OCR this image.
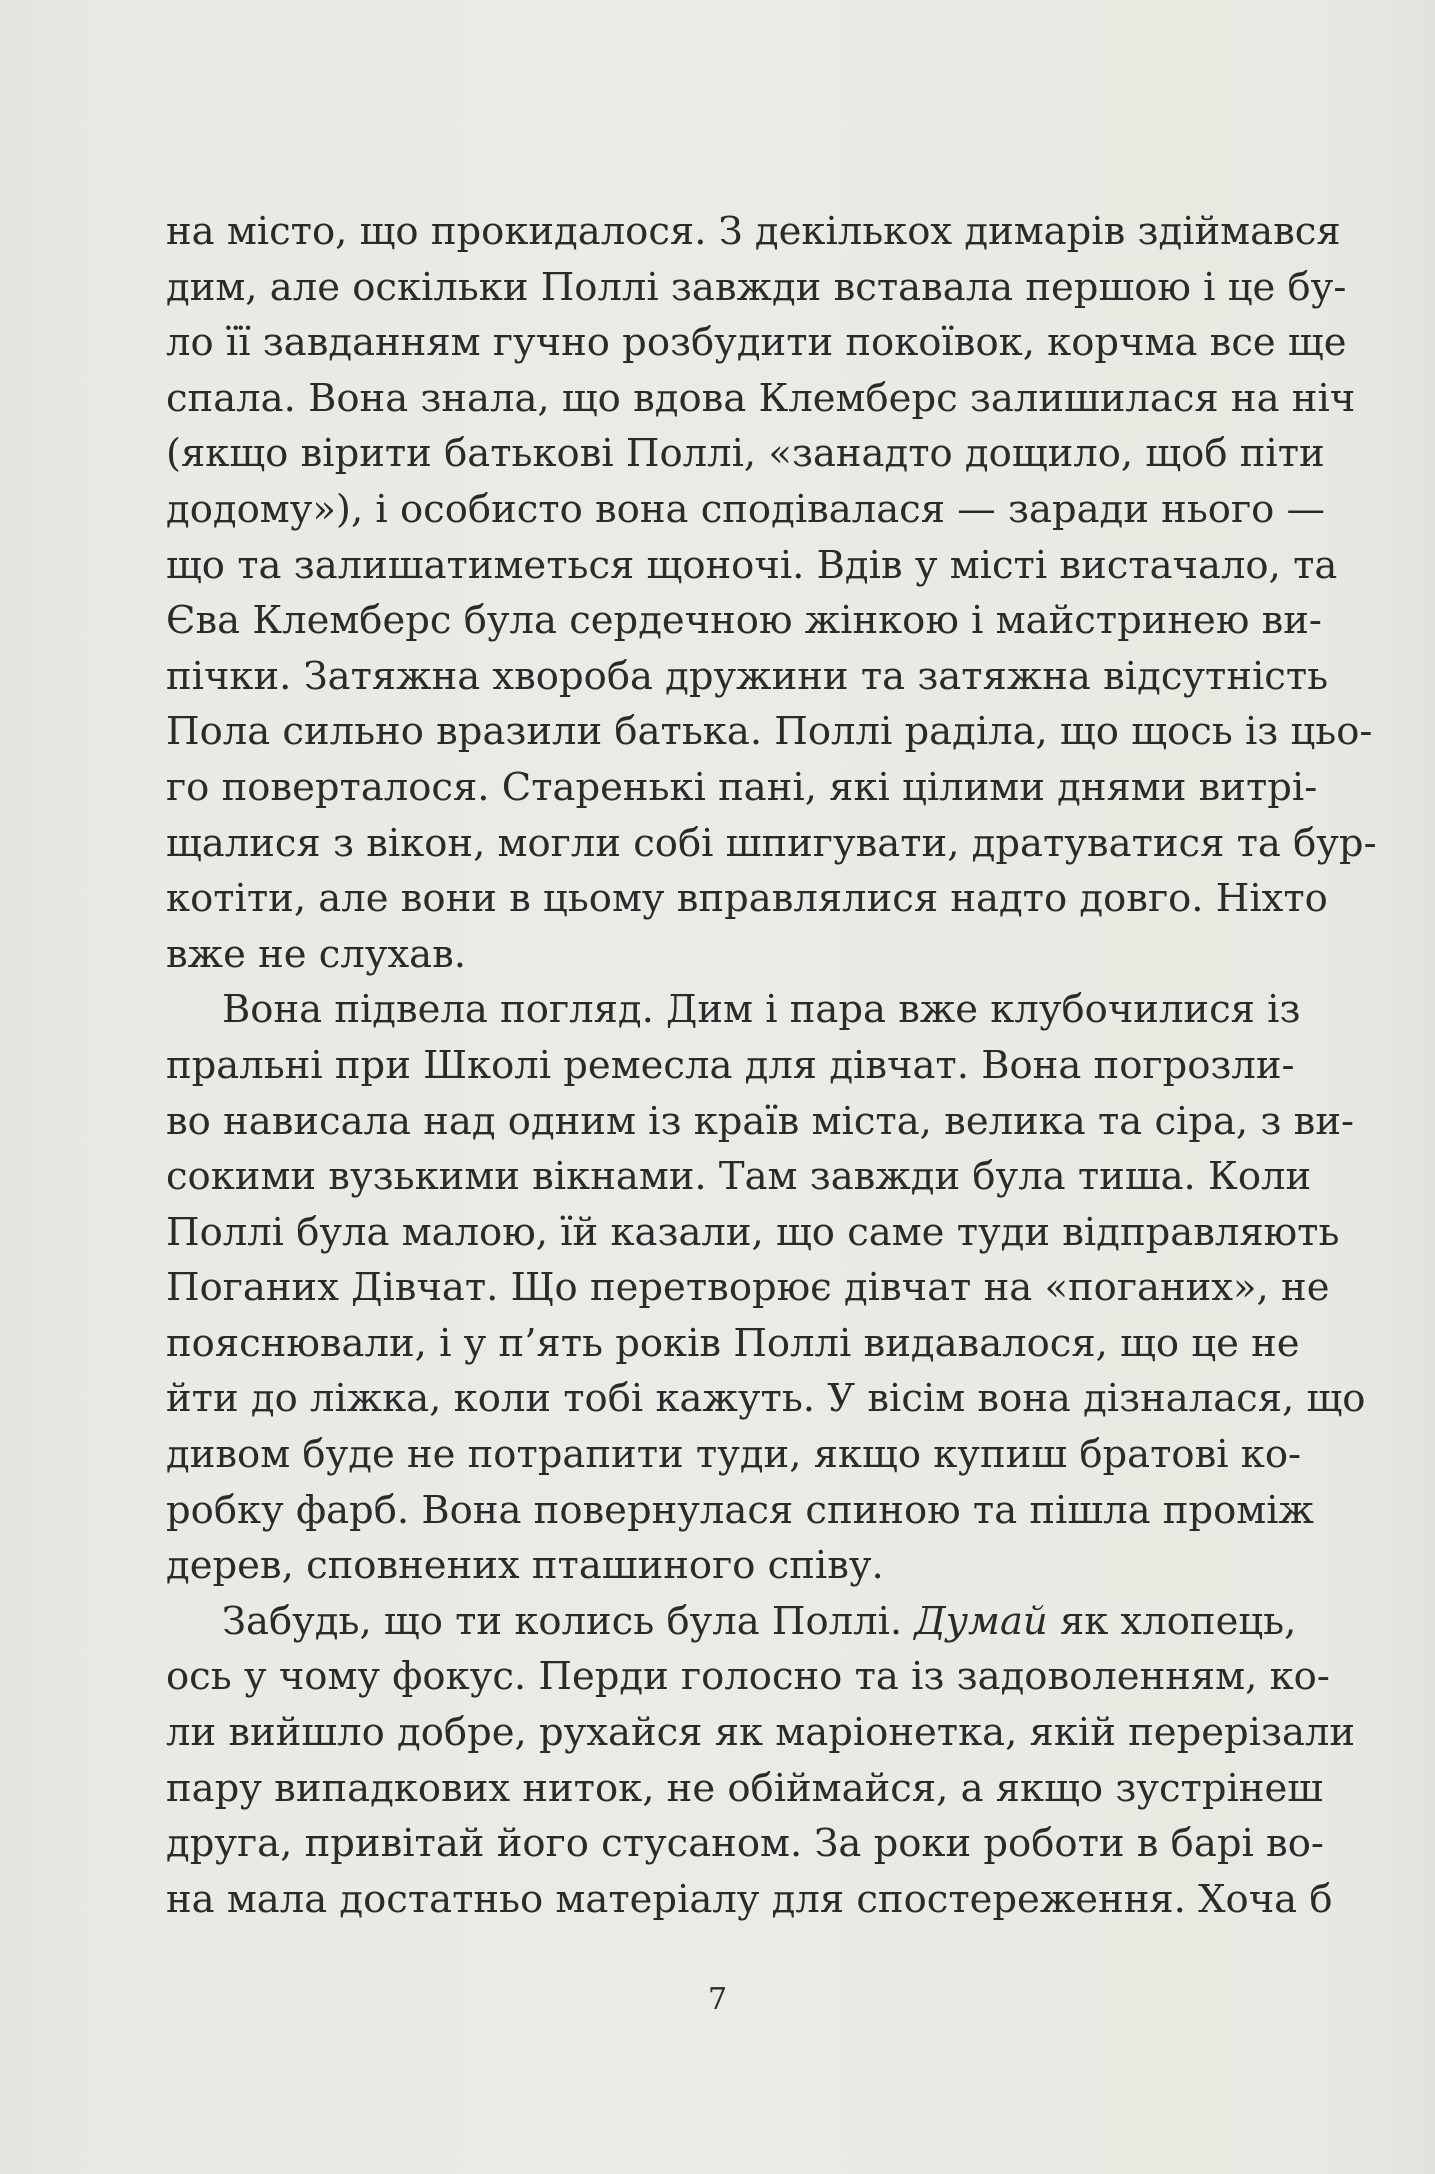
на місто, що прокидалося. З декількох димарів здіймався
дим, але оскільки Поллі завжди вставала першою і це бу-
ло її завданням гучно розбудити покоївок, корчма все ще
спала. Вона знала, що вдова Клемберс залишилася на ніч
(якщо вірити батькові Поллі, «занадто дощило, щоб піти
додому»), і особисто вона сподівалася — заради нього —
що та залишатиметься щоночі. Вдів у місті вистачало, та
Єва Клемберс була сердечною жінкою і майстринею ви-
пічки. Затяжна хвороба дружини та затяжна відсутність
Пола сильно вразили батька. Поллі раділа, що щось із цьо-
го поверталося. Старенькі пані, які цілими днями витрі-
щалися з вікон, могли собі шпигувати, дратуватися та бур-
котіти, але вони в цьому вправлялися надто довго. Ніхто
вже не слухав.
Вона підвела погляд. Дим і пара вже клубочилися із
пральні при Школі ремесла для дівчат. Вона погрозли-
во нависала над одним із країв міста, велика та сіра, з ви-
сокими вузькими вікнами. Там завжди була тиша. Коли
Поллі була малою, їй казали, що саме туди відправляють
Поганих Дівчат. Що перетворює дівчат на «поганих», не
пояснювали, і у п’ять років Поллі видавалося, що це не
йти до ліжка, коли тобі кажуть. У вісім вона дізналася, що
дивом буде не потрапити туди, якщо купиш братові ко-
робку фарб. Вона повернулася спиною та пішла проміж
дерев, сповнених пташиного співу.
Забудь, що ти колись була Поллі. Думай як хлопець,
ось у чому фокус. Перди голосно та із задоволенням, ко-
ли вийшло добре, рухайся як маріонетка, якій перерізали
пару випадкових ниток, не обіймайся, а якщо зустрінеш
друга, привітай його стусаном. За роки роботи в барі во-
на мала достатньо матеріалу для спостереження. Хоча б
7
